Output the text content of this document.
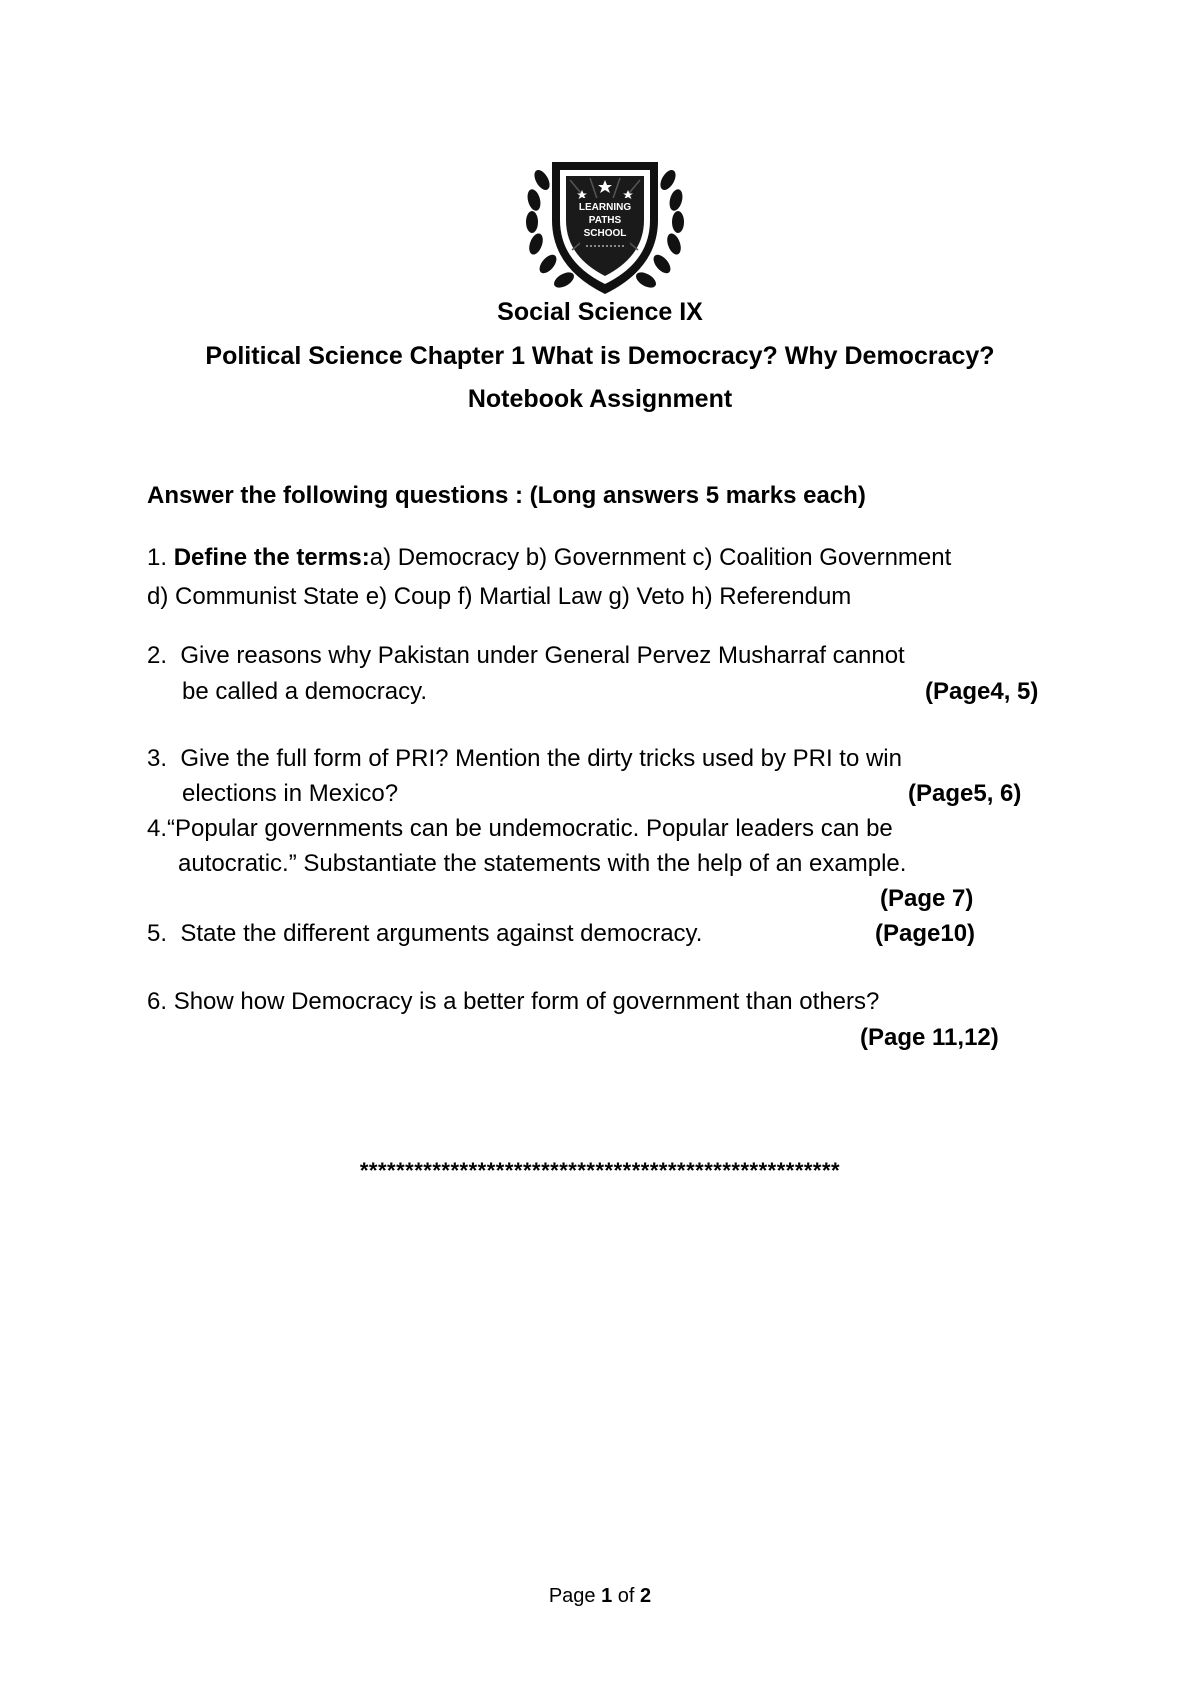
LEARNING
PATHS
SCHOOL
Social Science IX
Political Science Chapter 1 What is Democracy? Why Democracy?
Notebook Assignment
Answer the following questions : (Long answers 5 marks each)
1. Define the terms:a) Democracy b) Government c) Coalition Government
d) Communist State e) Coup f) Martial Law g) Veto h) Referendum
2. Give reasons why Pakistan under General Pervez Musharraf cannot
be called a democracy.	(Page4, 5)
3. Give the full form of PRI? Mention the dirty tricks used by PRI to win
elections in Mexico?	(Page5, 6)
4.“Popular governments can be undemocratic. Popular leaders can be
autocratic.” Substantiate the statements with the help of an example.
(Page 7)
5. State the different arguments against democracy.	(Page10)
6. Show how Democracy is a better form of government than others?
(Page 11,12)
*****************************************************
Page 1 of 2
